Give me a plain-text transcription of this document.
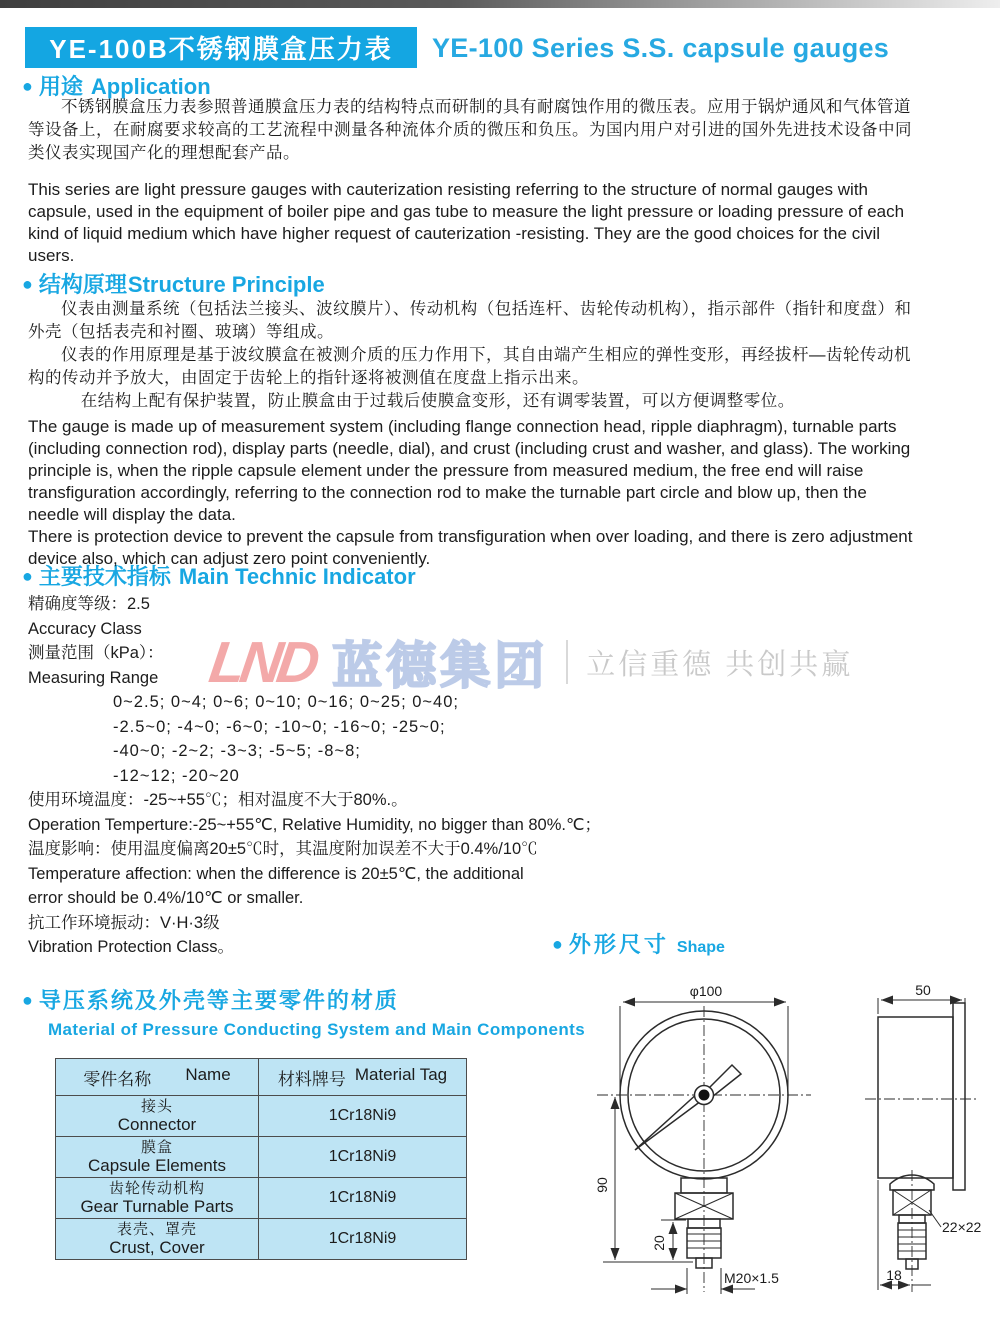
YE-100B不锈钢膜盒压力表 YE-100 Series S.S. capsule gauges
● 用途 Application

不锈钢膜盒压力表参照普通膜盒压力表的结构特点而研制的具有耐腐蚀作用的微压表。应用于锅炉通风和气体管道等设备上，在耐腐要求较高的工艺流程中测量各种流体介质的微压和负压。为国内用户对引进的国外先进技术设备中同类仪表实现国产化的理想配套产品。

This series are light pressure gauges with cauterization resisting referring to the structure of normal gauges with capsule, used in the equipment of boiler pipe and gas tube to measure the light pressure or loading pressure of each kind of liquid medium which have higher request of cauterization -resisting. They are the good choices for the civil users.

● 结构原理Structure Principle

仪表由测量系统（包括法兰接头、波纹膜片）、传动机构（包括连杆、齿轮传动机构），指示部件（指针和度盘）和外壳（包括表壳和衬圈、玻璃）等组成。

仪表的作用原理是基于波纹膜盒在被测介质的压力作用下，其自由端产生相应的弹性变形，再经拔杆—齿轮传动机构的传动并予放大，由固定于齿轮上的指针逐将被测值在度盘上指示出来。

在结构上配有保护装置，防止膜盒由于过载后使膜盒变形，还有调零装置，可以方便调整零位。

The gauge is made up of measurement system (including flange connection head, ripple diaphragm), turnable parts (including connection rod), display parts (needle, dial), and crust (including crust and washer, and glass). The working principle is, when the ripple capsule element under the pressure from measured medium, the free end will raise transfiguration accordingly, referring to the connection rod to make the turnable part circle and blow up, then the needle will display the data.

There is protection device to prevent the capsule from transfiguration when over loading, and there is zero adjustment device also, which can adjust zero point conveniently.

● 主要技术指标 Main Technic Indicator
LND 蓝德集团 立信重德 共创共赢
精确度等级：2.5
Accuracy Class
测量范围（kPa）：
Measuring Range
0~2.5; 0~4; 0~6; 0~10; 0~16; 0~25; 0~40;
-2.5~0; -4~0; -6~0; -10~0; -16~0; -25~0;
-40~0; -2~2; -3~3; -5~5; -8~8;
-12~12; -20~20
使用环境温度：-25~+55℃；相对温度不大于80%.。
Operation Temperture:-25~+55℃, Relative Humidity, no bigger than 80%.℃；
温度影响：使用温度偏离20±5℃时，其温度附加误差不大于0.4%/10℃
Temperature affection: when the difference is 20±5℃, the additional
error should be 0.4%/10℃ or smaller.
抗工作环境振动：V·H·3级
Vibration Protection Class。	● 外形尺寸 Shape
● 导压系统及外壳等主要零件的材质
Material of Pressure Conducting System and Main Components
零件名称 Name	材料牌号 Material Tag

接头
Connector	1Cr18Ni9

膜盒
Capsule Elements	1Cr18Ni9

齿轮传动机构
Gear Turnable Parts	1Cr18Ni9

表壳、罩壳
Crust, Cover	1Cr18Ni9
φ100
90
20
M20×1.5
50
22×22
18
